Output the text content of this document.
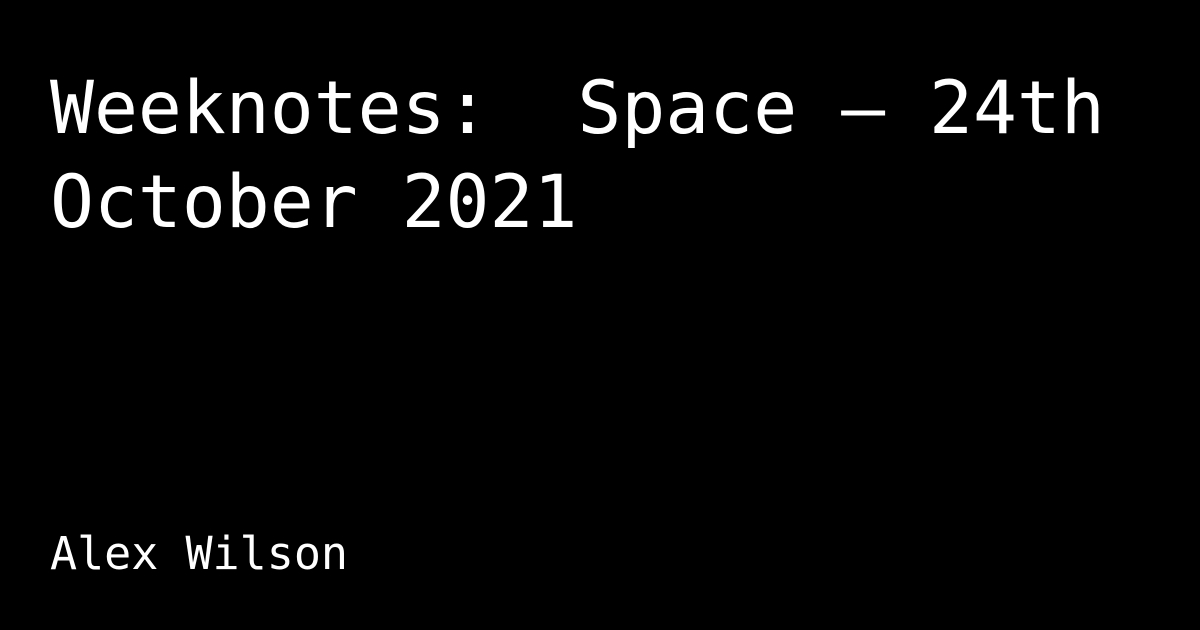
Weeknotes:  Space — 24th October 2021

Alex Wilson
